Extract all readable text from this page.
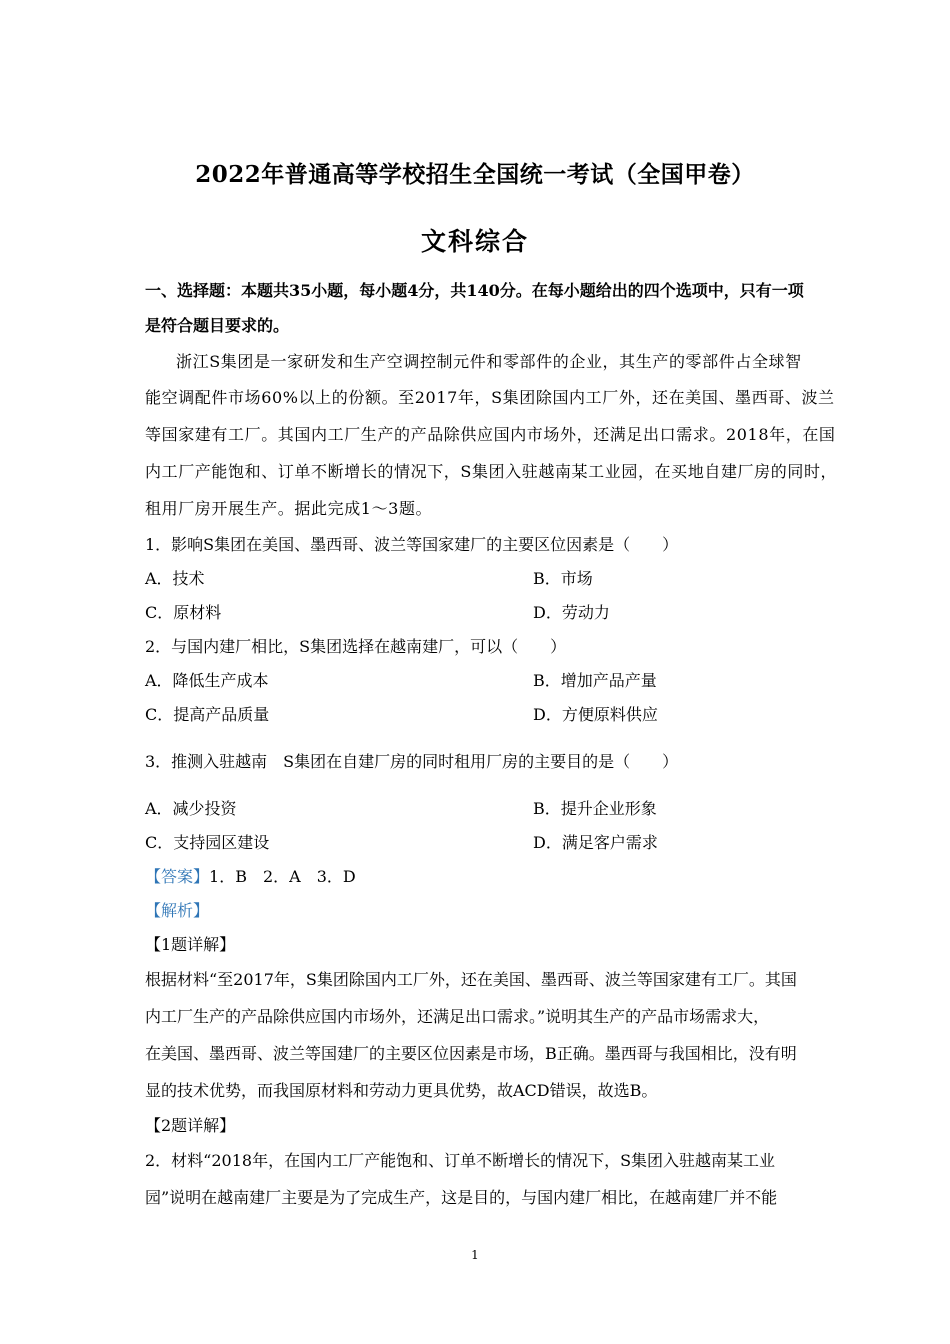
2022年普通高等学校招生全国统一考试（全国甲卷）
文科综合
一、选择题：本题共35小题，每小题4分，共140分。在每小题给出的四个选项中，只有一项
是符合题目要求的。
浙江S集团是一家研发和生产空调控制元件和零部件的企业，其生产的零部件占全球智
能空调配件市场60%以上的份额。至2017年，S集团除国内工厂外，还在美国、墨西哥、波兰
等国家建有工厂。其国内工厂生产的产品除供应国内市场外，还满足出口需求。2018年，在国
内工厂产能饱和、订单不断增长的情况下，S集团入驻越南某工业园，在买地自建厂房的同时，
租用厂房开展生产。据此完成1～3题。
1．影响S集团在美国、墨西哥、波兰等国家建厂的主要区位因素是（　　）
A．技术	B．市场
C．原材料	D．劳动力
2．与国内建厂相比，S集团选择在越南建厂，可以（　　）
A．降低生产成本	B．增加产品产量
C．提高产品质量	D．方便原料供应
3．推测入驻越南　S集团在自建厂房的同时租用厂房的主要目的是（　　）
A．减少投资	B．提升企业形象
C．支持园区建设	D．满足客户需求
【答案】1．B　2．A　3．D
【解析】
【1题详解】
根据材料“至2017年，S集团除国内工厂外，还在美国、墨西哥、波兰等国家建有工厂。其国
内工厂生产的产品除供应国内市场外，还满足出口需求。”说明其生产的产品市场需求大，
在美国、墨西哥、波兰等国建厂的主要区位因素是市场，B正确。墨西哥与我国相比，没有明
显的技术优势，而我国原材料和劳动力更具优势，故ACD错误，故选B。
【2题详解】
2．材料“2018年，在国内工厂产能饱和、订单不断增长的情况下，S集团入驻越南某工业
园”说明在越南建厂主要是为了完成生产，这是目的，与国内建厂相比，在越南建厂并不能
1
